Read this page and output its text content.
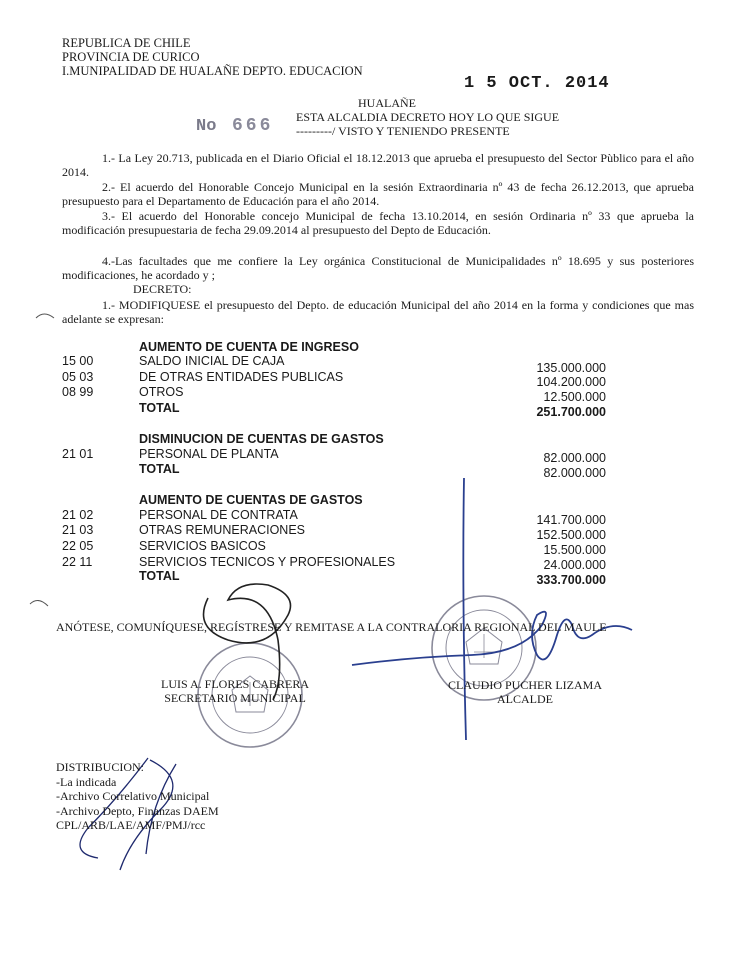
REPUBLICA DE CHILE
PROVINCIA DE CURICO
I.MUNIPALIDAD DE HUALAÑE DEPTO. EDUCACION
1 5 OCT. 2014
HUALAÑE
No 666 ESTA ALCALDIA DECRETO HOY LO QUE SIGUE
---------/ VISTO Y TENIENDO PRESENTE
1.- La Ley 20.713, publicada en el Diario Oficial el 18.12.2013 que aprueba el presupuesto del Sector Pùblico para el año 2014.
2.- El acuerdo del Honorable Concejo Municipal en la sesión Extraordinaria nº 43 de fecha 26.12.2013, que aprueba presupuesto para el Departamento de Educación para el año 2014.
3.- El acuerdo del Honorable concejo Municipal de fecha 13.10.2014, en sesión Ordinaria nº 33 que aprueba la modificación presupuestaria de fecha 29.09.2014 al presupuesto del Depto de Educación.
4.-Las facultades que me confiere la Ley orgánica Constitucional de Municipalidades nº 18.695 y sus posteriores modificaciones, he acordado y ;
DECRETO:
1.- MODIFIQUESE el presupuesto del Depto. de educación Municipal del año 2014 en la forma y condiciones que mas adelante se expresan:
AUMENTO DE CUENTA DE INGRESO
15 00	SALDO INICIAL DE CAJA	135.000.000
05 03	DE OTRAS ENTIDADES PUBLICAS	104.200.000
08 99	OTROS	12.500.000
TOTAL	251.700.000
DISMINUCION DE CUENTAS DE GASTOS
21 01	PERSONAL DE PLANTA	82.000.000
TOTAL	82.000.000
AUMENTO DE CUENTAS DE GASTOS
21 02	PERSONAL DE CONTRATA	141.700.000
21 03	OTRAS REMUNERACIONES	152.500.000
22 05	SERVICIOS BASICOS	15.500.000
22 11	SERVICIOS TECNICOS Y PROFESIONALES	24.000.000
TOTAL	333.700.000
ANÓTESE, COMUNÍQUESE, REGÍSTRESE Y REMITASE A LA CONTRALORIA REGIONAL DEL MAULE
LUIS A. FLORES CABRERA
SECRETARIO MUNICIPAL
CLAUDIO PUCHER LIZAMA
ALCALDE
DISTRIBUCION:
-La indicada
-Archivo Correlativo Municipal
-Archivo Depto, Finanzas DAEM
CPL/ARB/LAE/AMF/PMJ/rcc
